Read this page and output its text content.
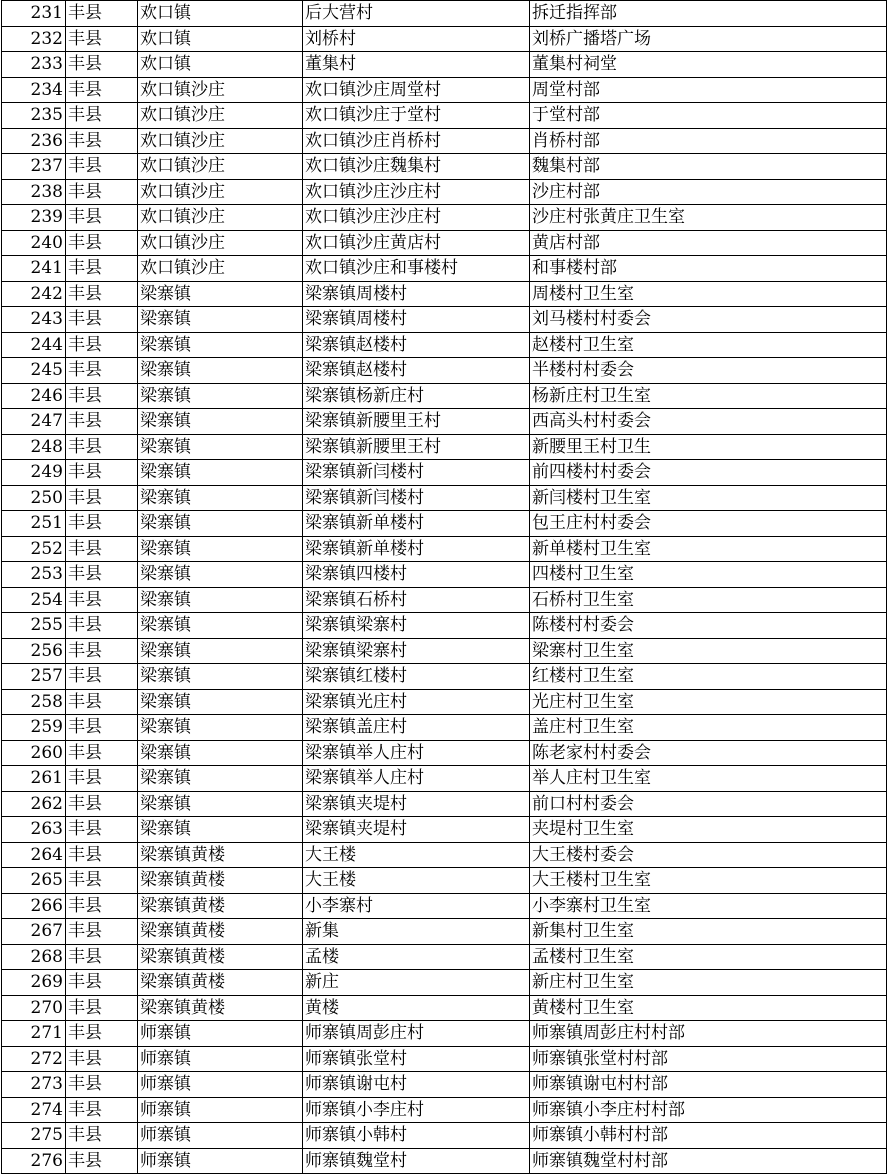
231	丰县	欢口镇	后大营村	拆迁指挥部
232	丰县	欢口镇	刘桥村	刘桥广播塔广场
233	丰县	欢口镇	董集村	董集村祠堂
234	丰县	欢口镇沙庄	欢口镇沙庄周堂村	周堂村部
235	丰县	欢口镇沙庄	欢口镇沙庄于堂村	于堂村部
236	丰县	欢口镇沙庄	欢口镇沙庄肖桥村	肖桥村部
237	丰县	欢口镇沙庄	欢口镇沙庄魏集村	魏集村部
238	丰县	欢口镇沙庄	欢口镇沙庄沙庄村	沙庄村部
239	丰县	欢口镇沙庄	欢口镇沙庄沙庄村	沙庄村张黄庄卫生室
240	丰县	欢口镇沙庄	欢口镇沙庄黄店村	黄店村部
241	丰县	欢口镇沙庄	欢口镇沙庄和事楼村	和事楼村部
242	丰县	梁寨镇	梁寨镇周楼村	周楼村卫生室
243	丰县	梁寨镇	梁寨镇周楼村	刘马楼村村委会
244	丰县	梁寨镇	梁寨镇赵楼村	赵楼村卫生室
245	丰县	梁寨镇	梁寨镇赵楼村	半楼村村委会
246	丰县	梁寨镇	梁寨镇杨新庄村	杨新庄村卫生室
247	丰县	梁寨镇	梁寨镇新腰里王村	西高头村村委会
248	丰县	梁寨镇	梁寨镇新腰里王村	新腰里王村卫生
249	丰县	梁寨镇	梁寨镇新闫楼村	前四楼村村委会
250	丰县	梁寨镇	梁寨镇新闫楼村	新闫楼村卫生室
251	丰县	梁寨镇	梁寨镇新单楼村	包王庄村村委会
252	丰县	梁寨镇	梁寨镇新单楼村	新单楼村卫生室
253	丰县	梁寨镇	梁寨镇四楼村	四楼村卫生室
254	丰县	梁寨镇	梁寨镇石桥村	石桥村卫生室
255	丰县	梁寨镇	梁寨镇梁寨村	陈楼村村委会
256	丰县	梁寨镇	梁寨镇梁寨村	梁寨村卫生室
257	丰县	梁寨镇	梁寨镇红楼村	红楼村卫生室
258	丰县	梁寨镇	梁寨镇光庄村	光庄村卫生室
259	丰县	梁寨镇	梁寨镇盖庄村	盖庄村卫生室
260	丰县	梁寨镇	梁寨镇举人庄村	陈老家村村委会
261	丰县	梁寨镇	梁寨镇举人庄村	举人庄村卫生室
262	丰县	梁寨镇	梁寨镇夹堤村	前口村村委会
263	丰县	梁寨镇	梁寨镇夹堤村	夹堤村卫生室
264	丰县	梁寨镇黄楼	大王楼	大王楼村委会
265	丰县	梁寨镇黄楼	大王楼	大王楼村卫生室
266	丰县	梁寨镇黄楼	小李寨村	小李寨村卫生室
267	丰县	梁寨镇黄楼	新集	新集村卫生室
268	丰县	梁寨镇黄楼	孟楼	孟楼村卫生室
269	丰县	梁寨镇黄楼	新庄	新庄村卫生室
270	丰县	梁寨镇黄楼	黄楼	黄楼村卫生室
271	丰县	师寨镇	师寨镇周彭庄村	师寨镇周彭庄村村部
272	丰县	师寨镇	师寨镇张堂村	师寨镇张堂村村部
273	丰县	师寨镇	师寨镇谢屯村	师寨镇谢屯村村部
274	丰县	师寨镇	师寨镇小李庄村	师寨镇小李庄村村部
275	丰县	师寨镇	师寨镇小韩村	师寨镇小韩村村部
276	丰县	师寨镇	师寨镇魏堂村	师寨镇魏堂村村部
